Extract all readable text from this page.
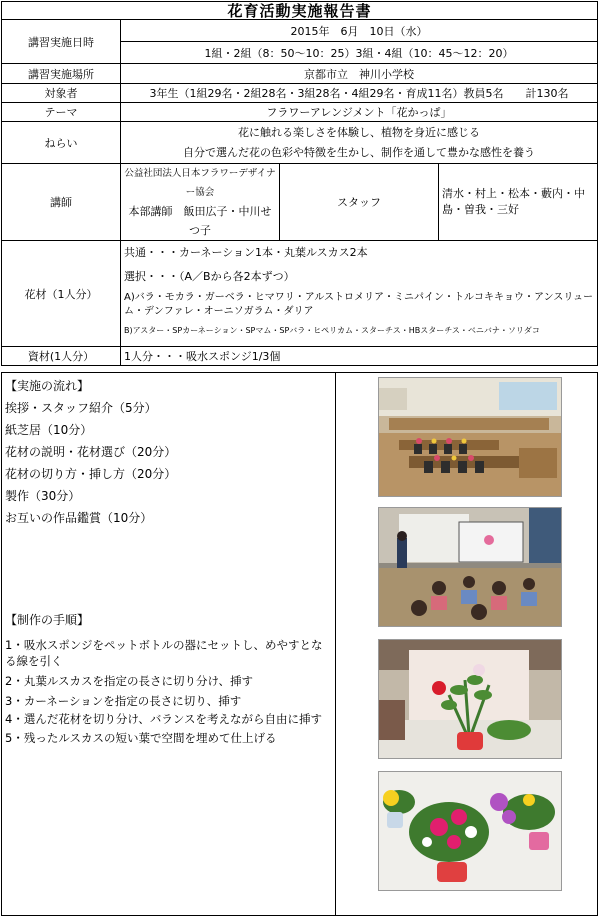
花育活動実施報告書
講習実施日時	2015年　6月　10日（水）		
	1組・2組（8：50～10：25）3組・4組（10：45～12：20）		
講習実施場所	京都市立　神川小学校		
対象者	3年生（1組29名・2組28名・3組28名・4組29名・育成11名）教員5名　　計130名		
テーマ	フラワーアレンジメント「花かっぱ」		
ねらい	花に触れる楽しさを体験し、植物を身近に感じる
自分で選んだ花の色彩や特徴を生かし、制作を通して豊かな感性を養う		

講師	公益社団法人日本フラワーデザイナー協会
本部講師　飯田広子・中川せつ子	スタッフ	清水・村上・松本・藪内・中島・曽我・三好
花材（1人分）	共通・・・カーネーション1本・丸葉ルスカス2本
選択・・・（A／Bから各2本ずつ）
A)バラ・モカラ・ガーベラ・ヒマワリ・アルストロメリア・ミニパイン・トルコキキョウ・アンスリューム・デンファレ・オーニソガラム・ダリア
B)アスター・SPカーネーション・SPマム・SPバラ・ヒペリカム・スターチス・HBスターチス・ベニバナ・ソリダコ		

資材(1人分）	1人分・・・吸水スポンジ1/3個		
【実施の流れ】
挨拶・スタッフ紹介（5分）
紙芝居（10分）
花材の説明・花材選び（20分）
花材の切り方・挿し方（20分）
製作（30分）
お互いの作品鑑賞（10分）
【制作の手順】

1・吸水スポンジをペットボトルの器にセットし、めやすとなる線を引く

2・丸葉ルスカスを指定の長さに切り分け、挿す

3・カーネーションを指定の長さに切り、挿す

4・選んだ花材を切り分け、バランスを考えながら自由に挿す

5・残ったルスカスの短い葉で空間を埋めて仕上げる
